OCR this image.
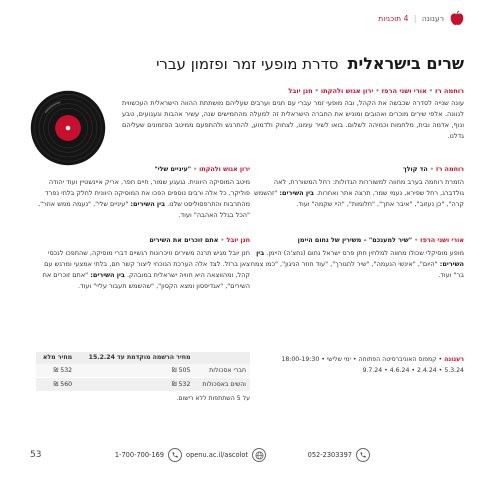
רענונה | 4 תוכניות
שרים בישראלית סדרת מופעי זמר ופזמון עברי
רוחמה רז•אורי ושני הרפז•ירון אגוש ולהקתו•חנן יובל
עונה שנייה לסדרה שכבשה את הקהל, ובה מופעי זמר עברי עם חגים וערבים שעליהם מושתתת ההווה הישראלית העכשווית לגוונה. אלפי שירים מוכרים ואהובים ומוניש את החברה הישראלית זה למעלה מהחמישים שנה, עשיר אהבות וגעגועים, טבע ונוף, אדמה ובית, מלחמות וכמיהה לשלום. בואו לשיר עימנו, לצחוק ולדמוע, להתרגש ולהתפעם ממיטב הפזמונים שעליהם גדלנו.
רוחמה רז•הד קולך

הזמרת רוחמה בערב מחווה למשוררות הגדולות: רחל המשוררת, לאה גולדברג, רחל שפירא, נעמי שמר, תרצה אתר ואחרות. בין השירים: "זהשמש קרה", "כן נעזוב", "איבר אתך", "חלומות", "היי שקמה" ועוד.

ירון אגוש ולהקתו•"עיניים שלי"

מיטב המוסיקה היוונית. נגעגע שמור, חיים חפר, אריק איינשטיין ועוד יהודה פוליקר, כל אלה ורבים נוספים הפכו את המוסיקה היוונית לחלק בלתי נפרד מהתרבות והתרפסוליסט שלנו. בין השירים: "עיניים שלי", "נעמה ממש אוזר", "הכל בגלל האהבה" ועוד.

אורי ושני הרפז•"שיר למענכם" – משירין של נחום היימן

מופע מוסיקלי שכולו מחווה למלחין חתן פרס ישראל נחום (נחצ'ה) היימן. בין השירים: "היום", "אינשי הנעמה", "שיר לחגורך", "עוד חוזר הניגון", "כמו צמח בר" ועוד.

חנן יובל•אתם זוכרים את השירים

חנן יובל מגיש תרנה משירים וזיכרונות רגשיים דברי מוסיקה, שהתפכו לנכסי צאן ברזל. לצד אלה הערכת הנוכחי ליצור קשר חם, בלתי אמצעי ומרגש עם קהל, ומהווצאה היא חוויה ישראלית במובהק. בין השירים: "אתם זוכרים את השירים", "אגדיפסון ומצא הקסון", "שהשמש תעבור עליי" ועוד.

רענונה • קמפוס האוניברסיטה הפתוחה • ימי שלישי • 18:00-19:30
5.3.24 • 2.4.24 • 4.6.24 • 9.7.24
	מחיר הרשמה מוקדמת עד 15.2.24	מחיר מלא
חברי אסכולות	505 ₪	532 ₪
והשים באסכולות	532 ₪	560 ₪
על 5 השתתפות ללא רישום.
052-2303397
openu.ac.il/ascolot
1-700-700-169
53
